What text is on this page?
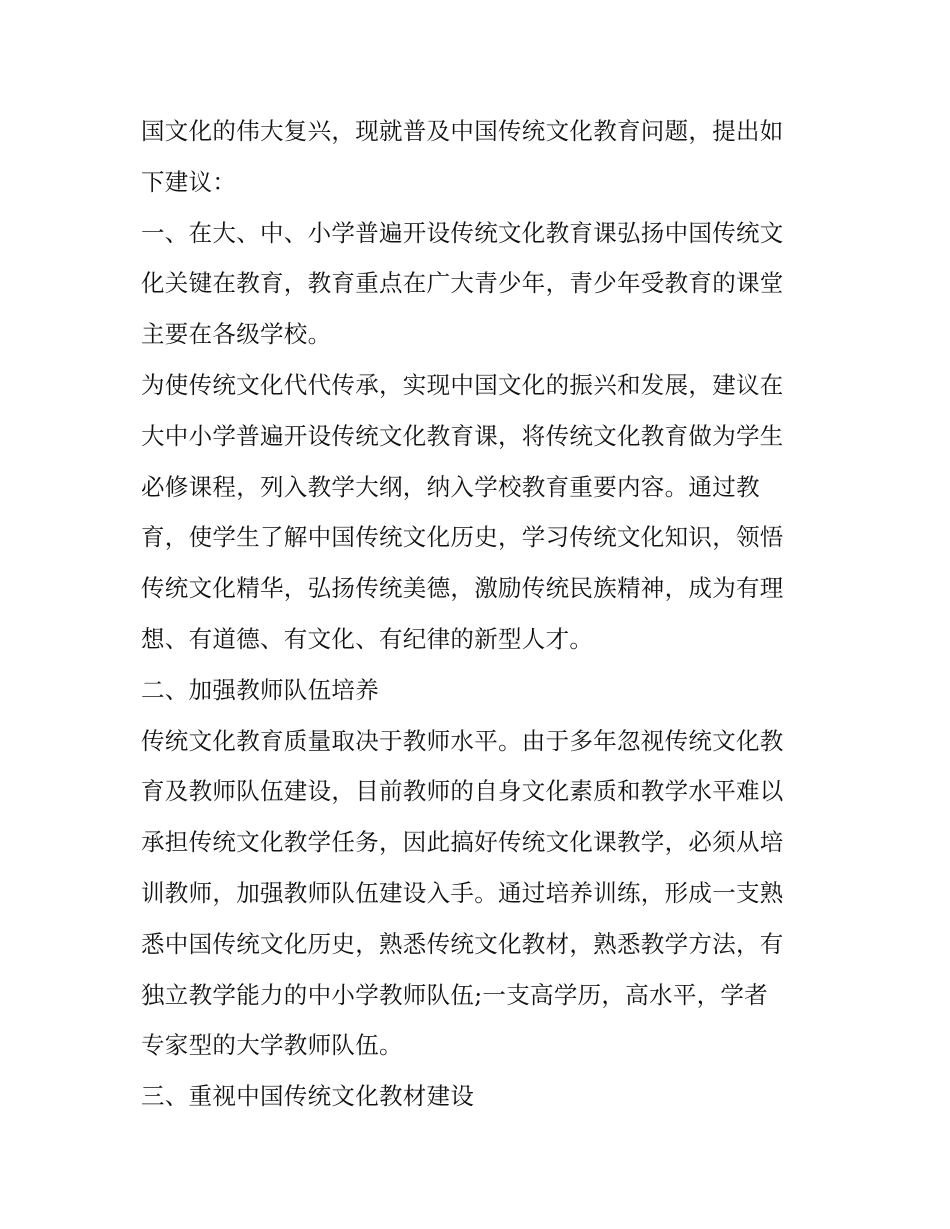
国文化的伟大复兴，现就普及中国传统文化教育问题，提出如
下建议：
一、在大、中、小学普遍开设传统文化教育课弘扬中国传统文
化关键在教育，教育重点在广大青少年，青少年受教育的课堂
主要在各级学校。
为使传统文化代代传承，实现中国文化的振兴和发展，建议在
大中小学普遍开设传统文化教育课，将传统文化教育做为学生
必修课程，列入教学大纲，纳入学校教育重要内容。通过教
育，使学生了解中国传统文化历史，学习传统文化知识，领悟
传统文化精华，弘扬传统美德，激励传统民族精神，成为有理
想、有道德、有文化、有纪律的新型人才。
二、加强教师队伍培养
传统文化教育质量取决于教师水平。由于多年忽视传统文化教
育及教师队伍建设，目前教师的自身文化素质和教学水平难以
承担传统文化教学任务，因此搞好传统文化课教学，必须从培
训教师，加强教师队伍建设入手。通过培养训练，形成一支熟
悉中国传统文化历史，熟悉传统文化教材，熟悉教学方法，有
独立教学能力的中小学教师队伍;一支高学历，高水平，学者
专家型的大学教师队伍。
三、重视中国传统文化教材建设
